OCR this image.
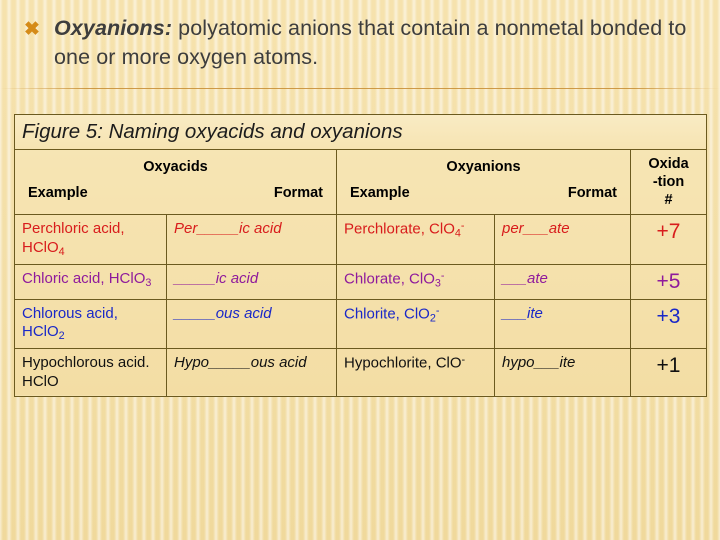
✖ Oxyanions: polyatomic anions that contain a nonmetal bonded to one or more oxygen atoms.
Figure 5: Naming oxyacids and oxyanions				

Oxyacids
Example	Format

Oxyanions
Example	Format

Oxida
-tion
#

Perchloric acid, HClO$_4$	Per_____ic acid	Perchlorate, ClO$_4$-	per___ate	+7
Chloric acid, HClO$_3$	_____ic acid	Chlorate, ClO$_3$-	___ate	+5
Chlorous acid, HClO$_2$	_____ous acid	Chlorite, ClO$_2$-	___ite	+3
Hypochlorous acid. HClO	Hypo_____ous acid	Hypochlorite, ClO-	hypo___ite	+1
